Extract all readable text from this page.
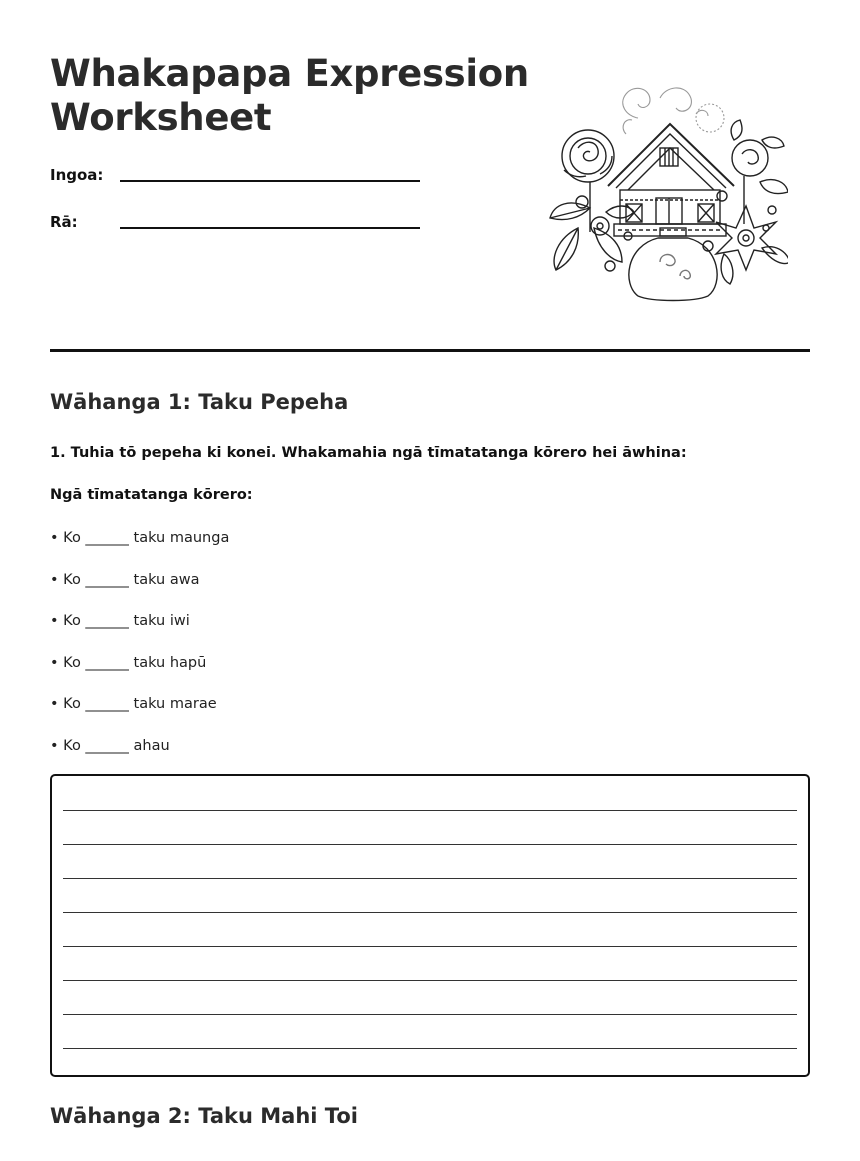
Whakapapa Expression
Worksheet
Ingoa:
Rā:
Wāhanga 1: Taku Pepeha
1. Tuhia tō pepeha ki konei. Whakamahia ngā tīmatatanga kōrero hei āwhina:
Ngā tīmatatanga kōrero:
• Ko ______ taku maunga
• Ko ______ taku awa
• Ko ______ taku iwi
• Ko ______ taku hapū
• Ko ______ taku marae
• Ko ______ ahau
Wāhanga 2: Taku Mahi Toi
